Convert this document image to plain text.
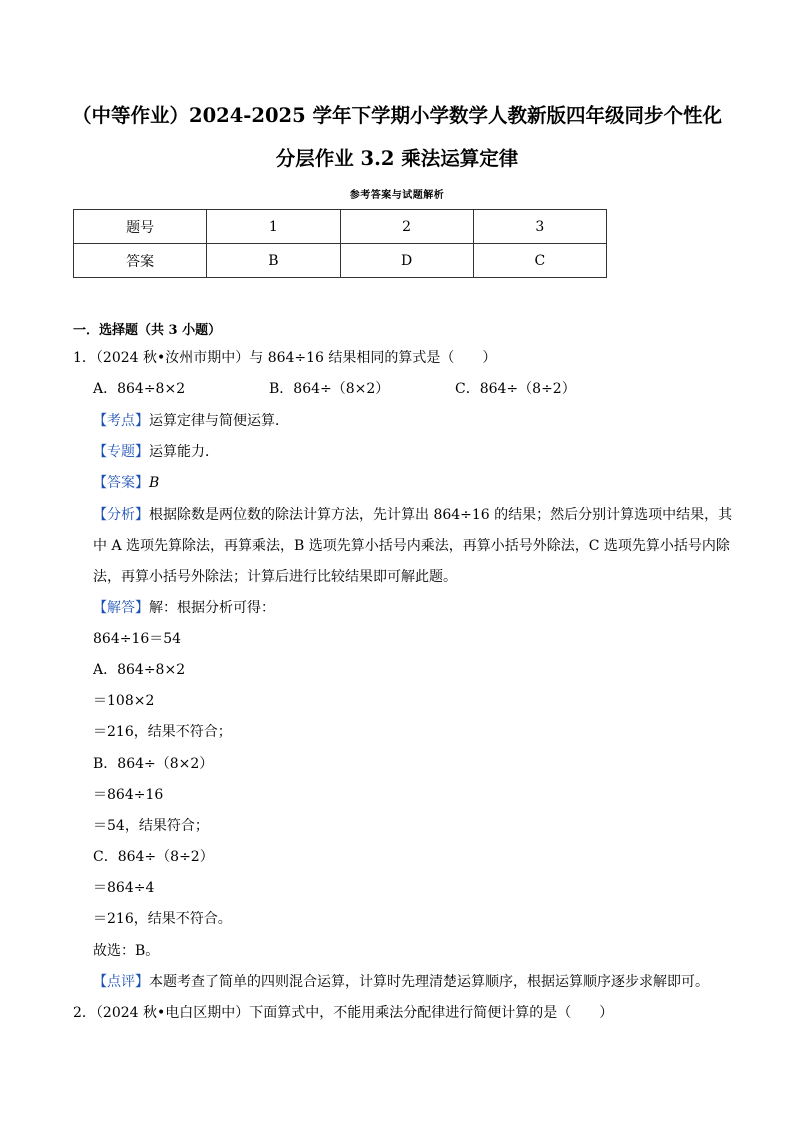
（中等作业）2024-2025 学年下学期小学数学人教新版四年级同步个性化
分层作业 3.2 乘法运算定律
参考答案与试题解析
题号	1	2	3
答案	B	D	C
一．选择题（共 3 小题）
1．（2024 秋•汝州市期中）与 864÷16 结果相同的算式是（　　）
A．864÷8×2	B．864÷（8×2）	C．864÷（8÷2）
【考点】运算定律与简便运算．
【专题】运算能力．
【答案】B
【分析】根据除数是两位数的除法计算方法，先计算出 864÷16 的结果；然后分别计算选项中结果，其
中 A 选项先算除法，再算乘法，B 选项先算小括号内乘法，再算小括号外除法，C 选项先算小括号内除
法，再算小括号外除法；计算后进行比较结果即可解此题。
【解答】解：根据分析可得：
864÷16＝54
A．864÷8×2
＝108×2
＝216，结果不符合；
B．864÷（8×2）
＝864÷16
＝54，结果符合；
C．864÷（8÷2）
＝864÷4
＝216，结果不符合。
故选：B。
【点评】本题考查了简单的四则混合运算，计算时先理清楚运算顺序，根据运算顺序逐步求解即可。
2．（2024 秋•电白区期中）下面算式中，不能用乘法分配律进行简便计算的是（　　）
